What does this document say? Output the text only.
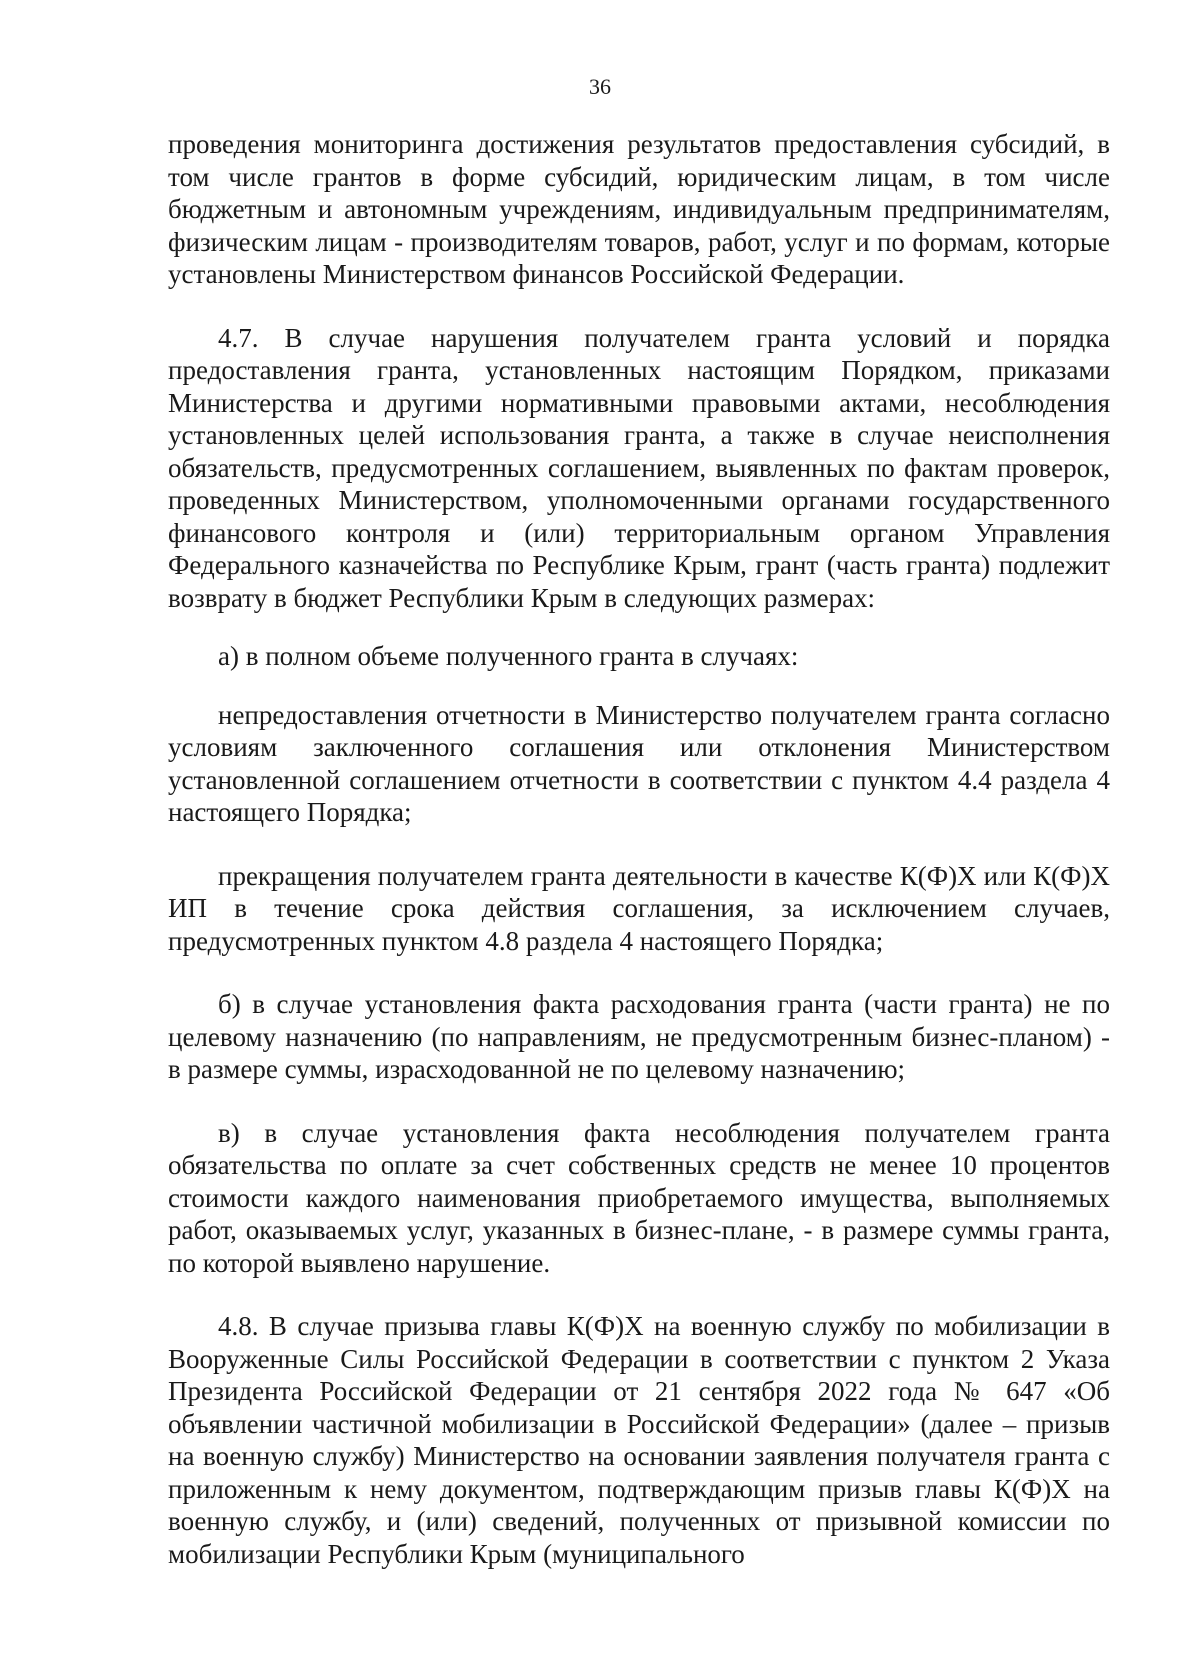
36

проведения мониторинга достижения результатов предоставления субсидий, в том числе грантов в форме субсидий, юридическим лицам, в том числе бюджетным и автономным учреждениям, индивидуальным предпринимателям, физическим лицам - производителям товаров, работ, услуг и по формам, которые установлены Министерством финансов Российской Федерации.

4.7. В случае нарушения получателем гранта условий и порядка предоставления гранта, установленных настоящим Порядком, приказами Министерства и другими нормативными правовыми актами, несоблюдения установленных целей использования гранта, а также в случае неисполнения обязательств, предусмотренных соглашением, выявленных по фактам проверок, проведенных Министерством, уполномоченными органами государственного финансового контроля и (или) территориальным органом Управления Федерального казначейства по Республике Крым, грант (часть гранта) подлежит возврату в бюджет Республики Крым в следующих размерах:

а) в полном объеме полученного гранта в случаях:

непредоставления отчетности в Министерство получателем гранта согласно условиям заключенного соглашения или отклонения Министерством установленной соглашением отчетности в соответствии с пунктом 4.4 раздела 4 настоящего Порядка;

прекращения получателем гранта деятельности в качестве К(Ф)Х или К(Ф)Х ИП в течение срока действия соглашения, за исключением случаев, предусмотренных пунктом 4.8 раздела 4 настоящего Порядка;

б) в случае установления факта расходования гранта (части гранта) не по целевому назначению (по направлениям, не предусмотренным бизнес-планом) - в размере суммы, израсходованной не по целевому назначению;

в) в случае установления факта несоблюдения получателем гранта обязательства по оплате за счет собственных средств не менее 10 процентов стоимости каждого наименования приобретаемого имущества, выполняемых работ, оказываемых услуг, указанных в бизнес-плане, - в размере суммы гранта, по которой выявлено нарушение.

4.8. В случае призыва главы К(Ф)Х на военную службу по мобилизации в Вооруженные Силы Российской Федерации в соответствии с пунктом 2 Указа Президента Российской Федерации от 21 сентября 2022 года № 647 «Об объявлении частичной мобилизации в Российской Федерации» (далее – призыв на военную службу) Министерство на основании заявления получателя гранта с приложенным к нему документом, подтверждающим призыв главы К(Ф)Х на военную службу, и (или) сведений, полученных от призывной комиссии по мобилизации Республики Крым (муниципального
